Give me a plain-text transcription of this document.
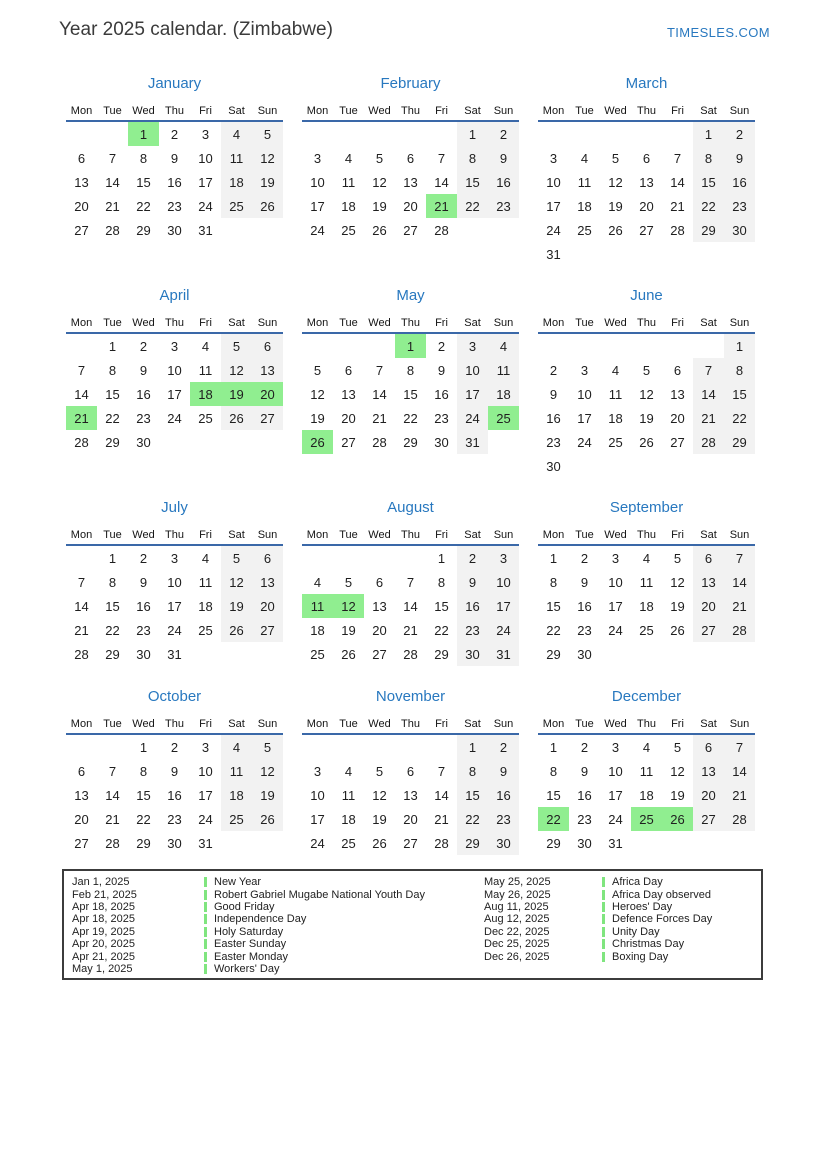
Year 2025 calendar. (Zimbabwe)	TIMESLES.COM
January
Mon	Tue	Wed	Thu	Fri	Sat	Sun
		1	2	3	4	5
6	7	8	9	10	11	12
13	14	15	16	17	18	19
20	21	22	23	24	25	26
27	28	29	30	31		
February
Mon	Tue	Wed	Thu	Fri	Sat	Sun
					1	2
3	4	5	6	7	8	9
10	11	12	13	14	15	16
17	18	19	20	21	22	23
24	25	26	27	28		
March
Mon	Tue	Wed	Thu	Fri	Sat	Sun
					1	2
3	4	5	6	7	8	9
10	11	12	13	14	15	16
17	18	19	20	21	22	23
24	25	26	27	28	29	30
31						
April
Mon	Tue	Wed	Thu	Fri	Sat	Sun
	1	2	3	4	5	6
7	8	9	10	11	12	13
14	15	16	17	18	19	20
21	22	23	24	25	26	27
28	29	30				
May
Mon	Tue	Wed	Thu	Fri	Sat	Sun
			1	2	3	4
5	6	7	8	9	10	11
12	13	14	15	16	17	18
19	20	21	22	23	24	25
26	27	28	29	30	31	
June
Mon	Tue	Wed	Thu	Fri	Sat	Sun
						1
2	3	4	5	6	7	8
9	10	11	12	13	14	15
16	17	18	19	20	21	22
23	24	25	26	27	28	29
30						
July
Mon	Tue	Wed	Thu	Fri	Sat	Sun
	1	2	3	4	5	6
7	8	9	10	11	12	13
14	15	16	17	18	19	20
21	22	23	24	25	26	27
28	29	30	31			
August
Mon	Tue	Wed	Thu	Fri	Sat	Sun
				1	2	3
4	5	6	7	8	9	10
11	12	13	14	15	16	17
18	19	20	21	22	23	24
25	26	27	28	29	30	31
September
Mon	Tue	Wed	Thu	Fri	Sat	Sun
1	2	3	4	5	6	7
8	9	10	11	12	13	14
15	16	17	18	19	20	21
22	23	24	25	26	27	28
29	30					
October
Mon	Tue	Wed	Thu	Fri	Sat	Sun
		1	2	3	4	5
6	7	8	9	10	11	12
13	14	15	16	17	18	19
20	21	22	23	24	25	26
27	28	29	30	31		
November
Mon	Tue	Wed	Thu	Fri	Sat	Sun
					1	2
3	4	5	6	7	8	9
10	11	12	13	14	15	16
17	18	19	20	21	22	23
24	25	26	27	28	29	30
December
Mon	Tue	Wed	Thu	Fri	Sat	Sun
1	2	3	4	5	6	7
8	9	10	11	12	13	14
15	16	17	18	19	20	21
22	23	24	25	26	27	28
29	30	31				
Jan 1, 2025	New Year
Feb 21, 2025	Robert Gabriel Mugabe National Youth Day
Apr 18, 2025	Good Friday
Apr 18, 2025	Independence Day
Apr 19, 2025	Holy Saturday
Apr 20, 2025	Easter Sunday
Apr 21, 2025	Easter Monday
May 1, 2025	Workers' Day
May 25, 2025	Africa Day
May 26, 2025	Africa Day observed
Aug 11, 2025	Heroes' Day
Aug 12, 2025	Defence Forces Day
Dec 22, 2025	Unity Day
Dec 25, 2025	Christmas Day
Dec 26, 2025	Boxing Day
